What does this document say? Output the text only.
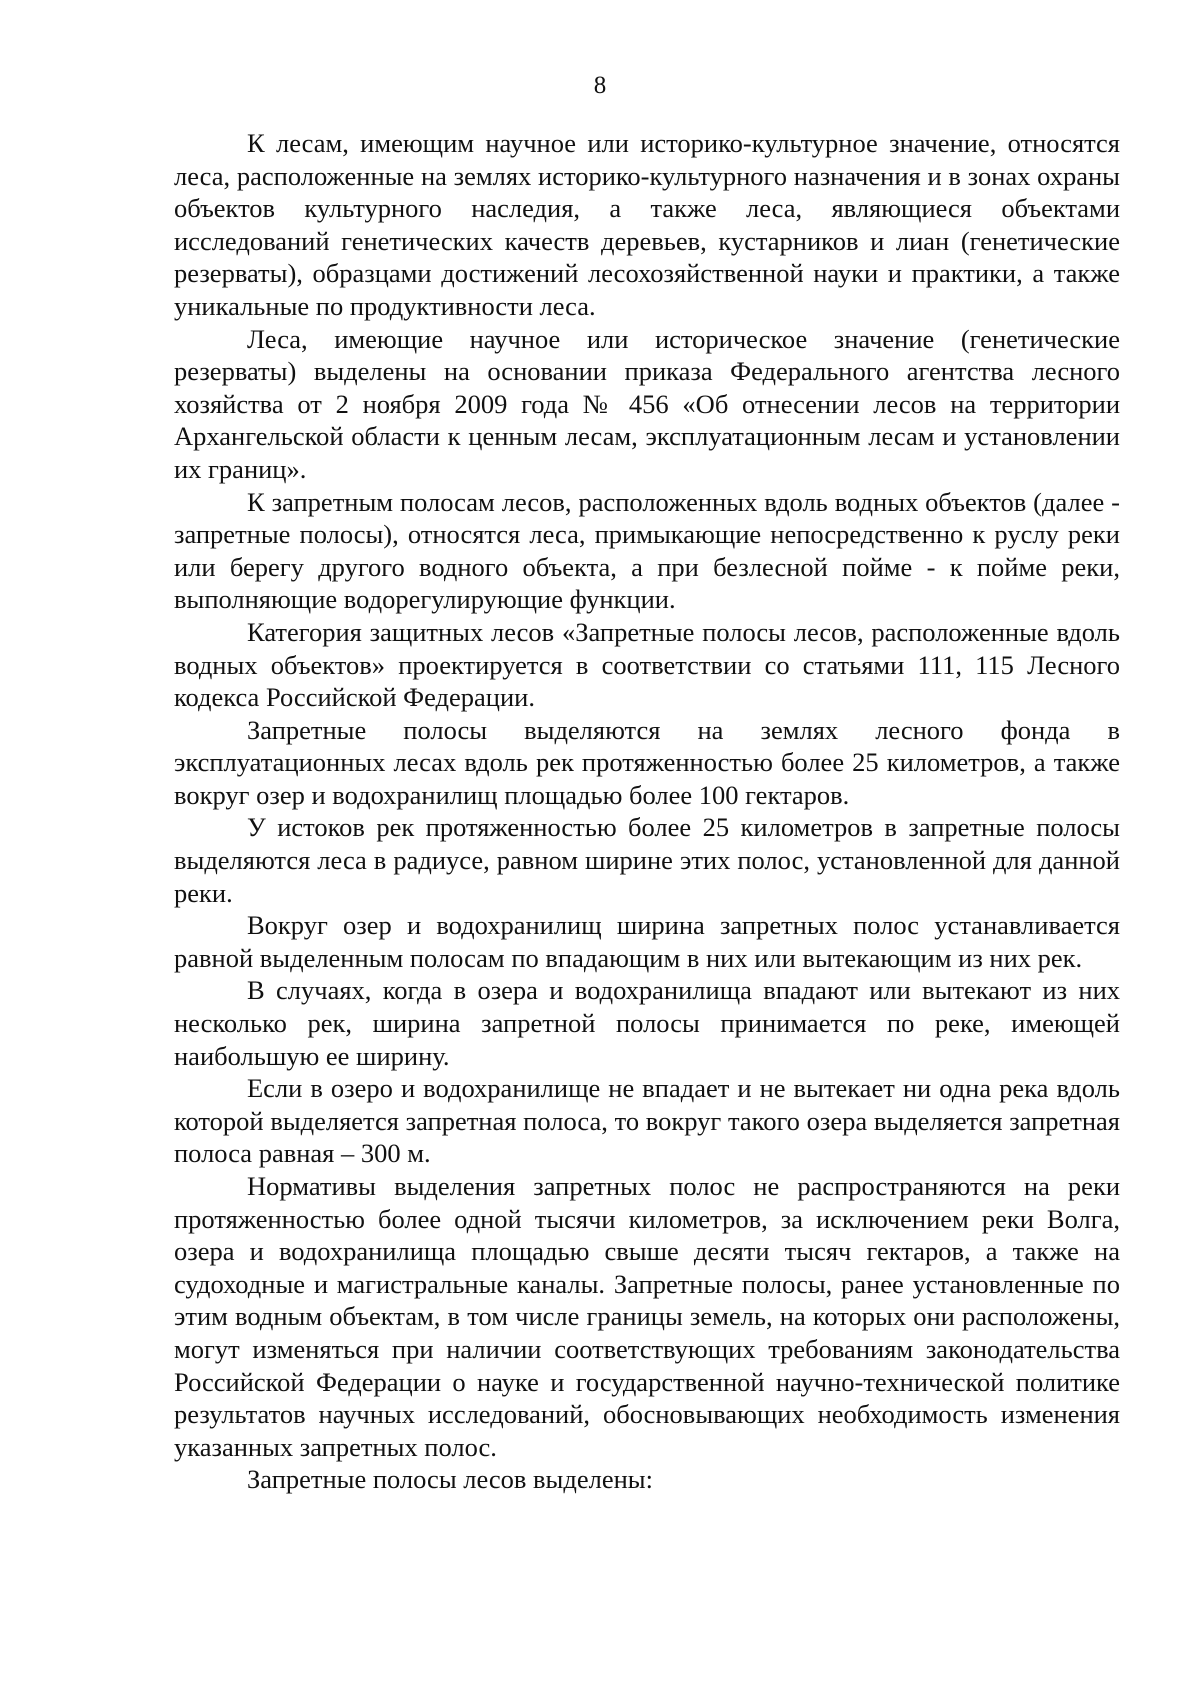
8

К лесам, имеющим научное или историко-культурное значение, относятся леса, расположенные на землях историко-культурного назначения и в зонах охраны объектов культурного наследия, а также леса, являющиеся объектами исследований генетических качеств деревьев, кустарников и лиан (генетические резерваты), образцами достижений лесохозяйственной науки и практики, а также уникальные по продуктивности леса.

Леса, имеющие научное или историческое значение (генетические резерваты) выделены на основании приказа Федерального агентства лесного хозяйства от 2 ноября 2009 года № 456 «Об отнесении лесов на территории Архангельской области к ценным лесам, эксплуатационным лесам и установлении их границ».

К запретным полосам лесов, расположенных вдоль водных объектов (далее - запретные полосы), относятся леса, примыкающие непосредственно к руслу реки или берегу другого водного объекта, а при безлесной пойме - к пойме реки, выполняющие водорегулирующие функции.

Категория защитных лесов «Запретные полосы лесов, расположенные вдоль водных объектов» проектируется в соответствии со статьями 111, 115 Лесного кодекса Российской Федерации.

Запретные полосы выделяются на землях лесного фонда в эксплуатационных лесах вдоль рек протяженностью более 25 километров, а также вокруг озер и водохранилищ площадью более 100 гектаров.

У истоков рек протяженностью более 25 километров в запретные полосы выделяются леса в радиусе, равном ширине этих полос, установленной для данной реки.

Вокруг озер и водохранилищ ширина запретных полос устанавливается равной выделенным полосам по впадающим в них или вытекающим из них рек.

В случаях, когда в озера и водохранилища впадают или вытекают из них несколько рек, ширина запретной полосы принимается по реке, имеющей наибольшую ее ширину.

Если в озеро и водохранилище не впадает и не вытекает ни одна река вдоль которой выделяется запретная полоса, то вокруг такого озера выделяется запретная полоса равная – 300 м.

Нормативы выделения запретных полос не распространяются на реки протяженностью более одной тысячи километров, за исключением реки Волга, озера и водохранилища площадью свыше десяти тысяч гектаров, а также на судоходные и магистральные каналы. Запретные полосы, ранее установленные по этим водным объектам, в том числе границы земель, на которых они расположены, могут изменяться при наличии соответствующих требованиям законодательства Российской Федерации о науке и государственной научно-технической политике результатов научных исследований, обосновывающих необходимость изменения указанных запретных полос.

Запретные полосы лесов выделены:
